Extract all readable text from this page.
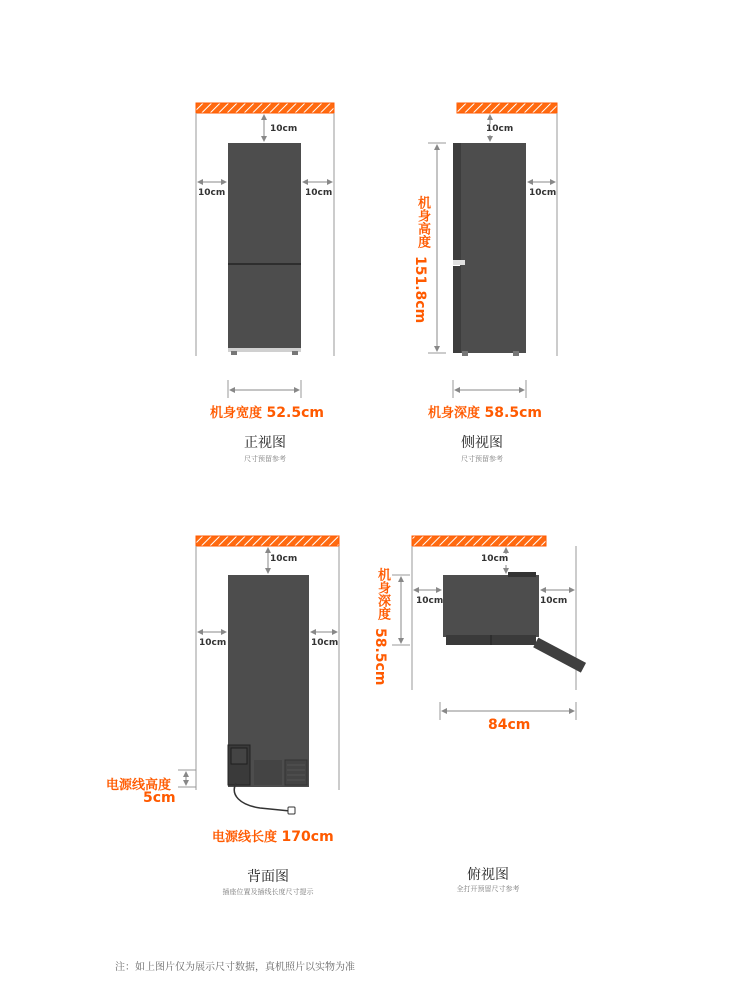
10cm
10cm	10cm
10cm
10cm
10cm
10cm	10cm
10cm
10cm	10cm
机身宽度 52.5cm
正视图
尺寸预留参考
机身高度
151.8cm
机身深度 58.5cm
侧视图
尺寸预留参考
电源线高度
5cm
电源线长度 170cm
背面图
插座位置及插线长度尺寸提示
机身深度
58.5cm
84cm
俯视图
全打开预留尺寸参考
注：如上图片仅为展示尺寸数据，真机照片以实物为准
